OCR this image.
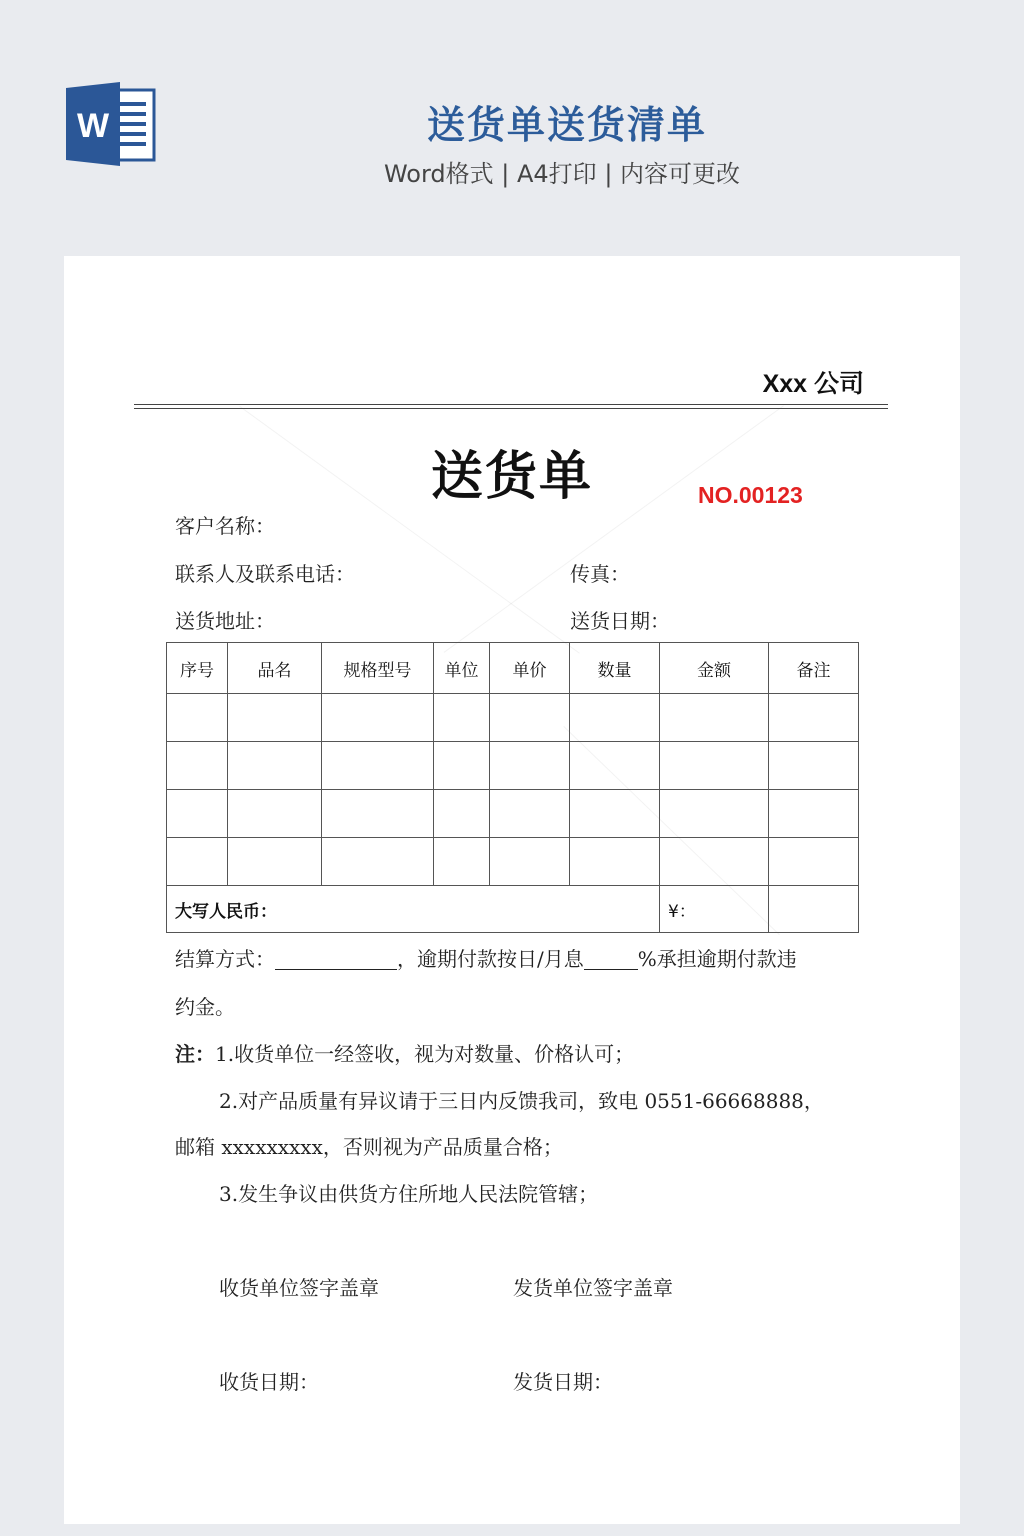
W	送货单送货清单
Word格式 | A4打印 | 内容可更改
Xxx 公司
送货单	NO.00123
客户名称：
联系人及联系电话：	传真：
送货地址：	送货日期：
序号	品名	规格型号	单位	单价	数量	金额	备注

大写人民币：						¥：	
结算方式：	，逾期付款按日/月息	%承担逾期付款违
约金。
注：1.收货单位一经签收，视为对数量、价格认可；
2.对产品质量有异议请于三日内反馈我司，致电 0551-66668888，
邮箱 xxxxxxxxx，否则视为产品质量合格；
3.发生争议由供货方住所地人民法院管辖；
收货单位签字盖章	发货单位签字盖章
收货日期：	发货日期：
